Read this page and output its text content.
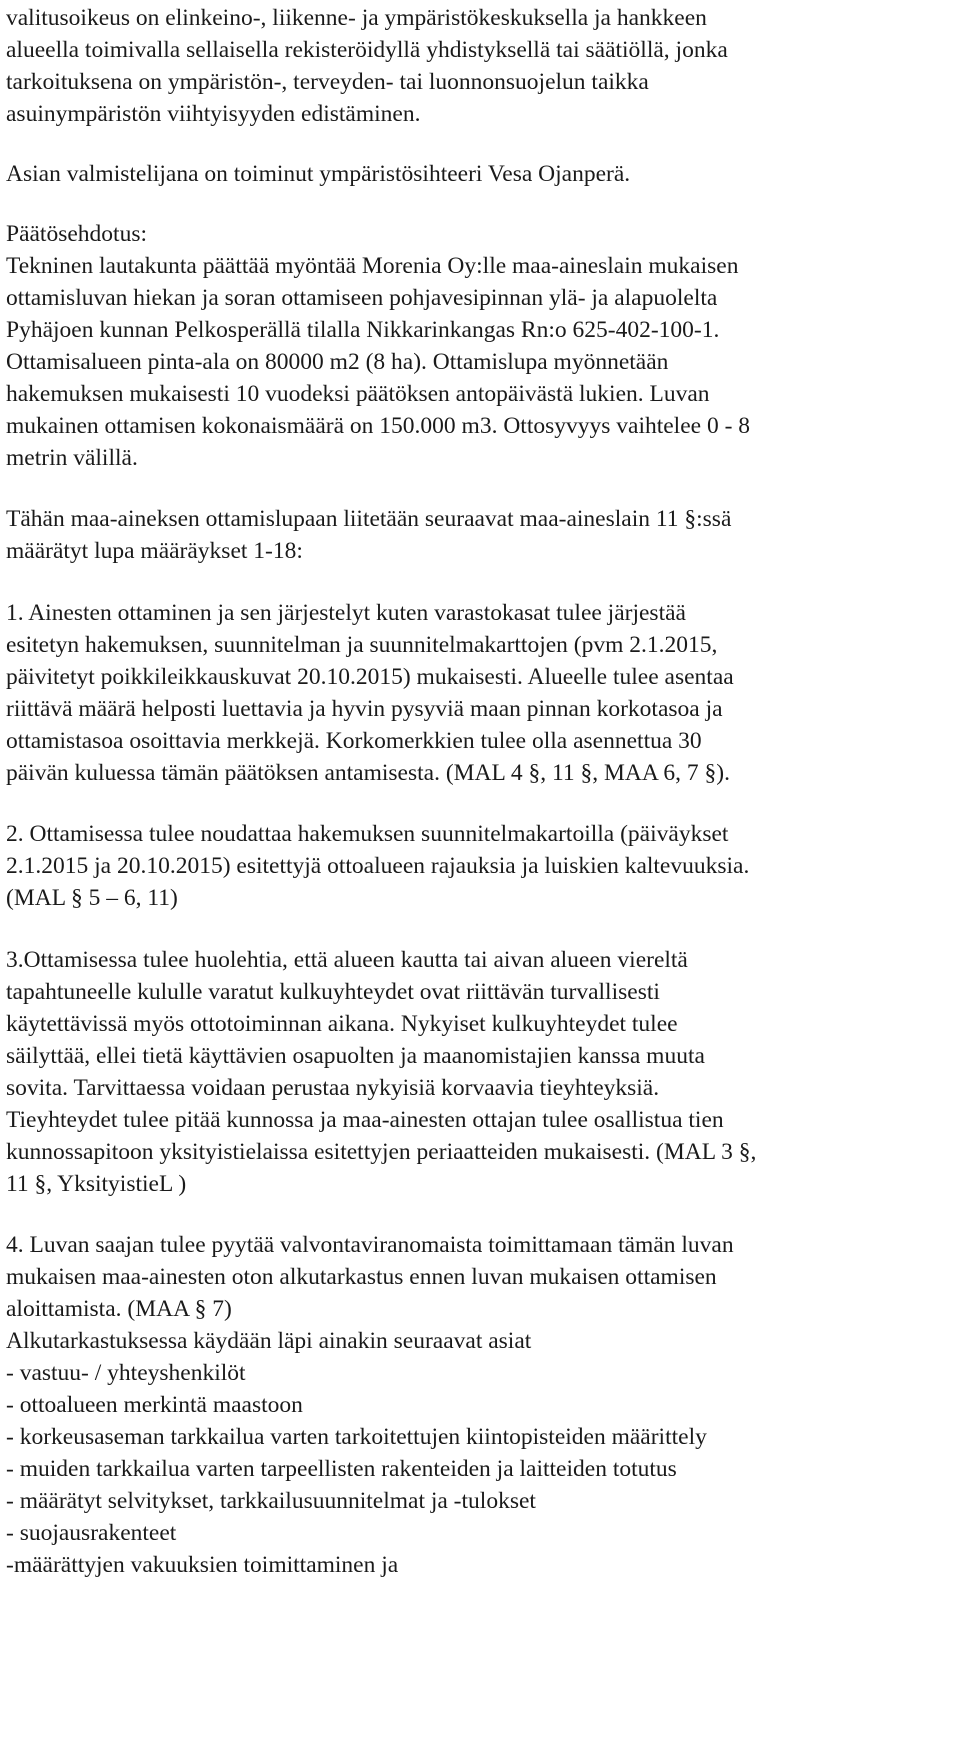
valitusoikeus on elinkeino-, liikenne- ja ympäristökeskuksella ja hankkeen
alueella toimivalla sellaisella rekisteröidyllä yhdistyksellä tai säätiöllä, jonka
tarkoituksena on ympäristön-, terveyden- tai luonnonsuojelun taikka
asuinympäristön viihtyisyyden edistäminen.
Asian valmistelijana on toiminut ympäristösihteeri Vesa Ojanperä.
Päätösehdotus:
Tekninen lautakunta päättää myöntää Morenia Oy:lle maa-aineslain mukaisen
ottamisluvan hiekan ja soran ottamiseen pohjavesipinnan ylä- ja alapuolelta
Pyhäjoen kunnan Pelkosperällä tilalla Nikkarinkangas Rn:o 625-402-100-1.
Ottamisalueen pinta-ala on 80000 m2 (8 ha). Ottamislupa myönnetään
hakemuksen mukaisesti 10 vuodeksi päätöksen antopäivästä lukien. Luvan
mukainen ottamisen kokonaismäärä on 150.000 m3. Ottosyvyys vaihtelee 0 - 8
metrin välillä.
Tähän maa-aineksen ottamislupaan liitetään seuraavat maa-aineslain 11 §:ssä
määrätyt lupa määräykset 1-18:
1. Ainesten ottaminen ja sen järjestelyt kuten varastokasat tulee järjestää
esitetyn hakemuksen, suunnitelman ja suunnitelmakarttojen (pvm 2.1.2015,
päivitetyt poikkileikkauskuvat 20.10.2015) mukaisesti. Alueelle tulee asentaa
riittävä määrä helposti luettavia ja hyvin pysyviä maan pinnan korkotasoa ja
ottamistasoa osoittavia merkkejä. Korkomerkkien tulee olla asennettua 30
päivän kuluessa tämän päätöksen antamisesta. (MAL 4 §, 11 §, MAA 6, 7 §).
2. Ottamisessa tulee noudattaa hakemuksen suunnitelmakartoilla (päiväykset
2.1.2015 ja 20.10.2015) esitettyjä ottoalueen rajauksia ja luiskien kaltevuuksia.
(MAL § 5 – 6, 11)
3.Ottamisessa tulee huolehtia, että alueen kautta tai aivan alueen vierеltä
tapahtuneelle kululle varatut kulkuyhteydet ovat riittävän turvallisesti
käytettävissä myös ottotoiminnan aikana. Nykyiset kulkuyhteydet tulee
säilyttää, ellei tietä käyttävien osapuolten ja maanomistajien kanssa muuta
sovita. Tarvittaessa voidaan perustaa nykyisiä korvaavia tieyhteyksiä.
Tieyhteydet tulee pitää kunnossa ja maa-ainesten ottajan tulee osallistua tien
kunnossapitoon yksityistielaissa esitettyjen periaatteiden mukaisesti. (MAL 3 §,
11 §, YksityistieL )
4. Luvan saajan tulee pyytää valvontaviranomaista toimittamaan tämän luvan
mukaisen maa-ainesten oton alkutarkastus ennen luvan mukaisen ottamisen
aloittamista. (MAA § 7)
Alkutarkastuksessa käydään läpi ainakin seuraavat asiat
- vastuu- / yhteyshenkilöt
- ottoalueen merkintä maastoon
- korkeusaseman tarkkailua varten tarkoitettujen kiintopisteiden määrittely
- muiden tarkkailua varten tarpeellisten rakenteiden ja laitteiden totutus
- määrätyt selvitykset, tarkkailusuunnitelmat ja -tulokset
- suojausrakenteet
-määrättyjen vakuuksien toimittaminen ja
